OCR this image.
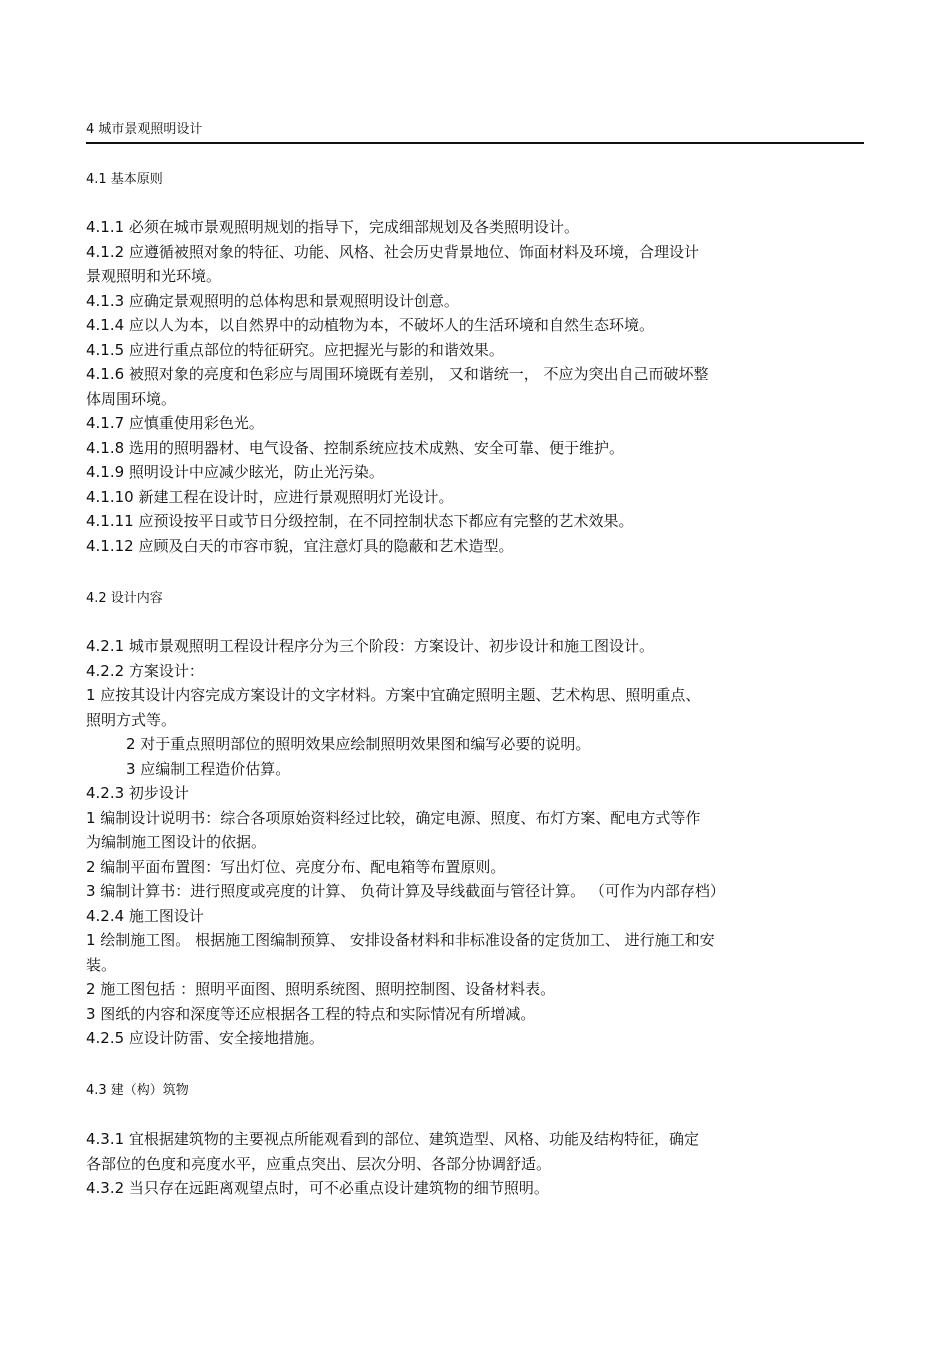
4 城市景观照明设计
4.1 基本原则

4.1.1 必须在城市景观照明规划的指导下，完成细部规划及各类照明设计。

4.1.2 应遵循被照对象的特征、功能、风格、社会历史背景地位、饰面材料及环境，合理设计

景观照明和光环境。

4.1.3 应确定景观照明的总体构思和景观照明设计创意。

4.1.4 应以人为本，以自然界中的动植物为本，不破坏人的生活环境和自然生态环境。

4.1.5 应进行重点部位的特征研究。应把握光与影的和谐效果。

4.1.6 被照对象的亮度和色彩应与周围环境既有差别， 又和谐统一， 不应为突出自己而破坏整

体周围环境。

4.1.7 应慎重使用彩色光。

4.1.8 选用的照明器材、电气设备、控制系统应技术成熟、安全可靠、便于维护。

4.1.9 照明设计中应减少眩光，防止光污染。

4.1.10 新建工程在设计时，应进行景观照明灯光设计。

4.1.11 应预设按平日或节日分级控制，在不同控制状态下都应有完整的艺术效果。

4.1.12 应顾及白天的市容市貌，宜注意灯具的隐蔽和艺术造型。

4.2 设计内容

4.2.1 城市景观照明工程设计程序分为三个阶段：方案设计、初步设计和施工图设计。

4.2.2 方案设计：

1 应按其设计内容完成方案设计的文字材料。方案中宜确定照明主题、艺术构思、照明重点、

照明方式等。

2 对于重点照明部位的照明效果应绘制照明效果图和编写必要的说明。

3 应编制工程造价估算。

4.2.3 初步设计

1 编制设计说明书：综合各项原始资料经过比较，确定电源、照度、布灯方案、配电方式等作

为编制施工图设计的依据。

2 编制平面布置图：写出灯位、亮度分布、配电箱等布置原则。

3 编制计算书：进行照度或亮度的计算、 负荷计算及导线截面与管径计算。 （可作为内部存档）

4.2.4 施工图设计

1 绘制施工图。 根据施工图编制预算、 安排设备材料和非标准设备的定货加工、 进行施工和安

装。

2 施工图包括 ：照明平面图、照明系统图、照明控制图、设备材料表。

3 图纸的内容和深度等还应根据各工程的特点和实际情况有所增减。

4.2.5 应设计防雷、安全接地措施。

4.3 建（构）筑物

4.3.1 宜根据建筑物的主要视点所能观看到的部位、建筑造型、风格、功能及结构特征，确定

各部位的色度和亮度水平，应重点突出、层次分明、各部分协调舒适。

4.3.2 当只存在远距离观望点时，可不必重点设计建筑物的细节照明。
